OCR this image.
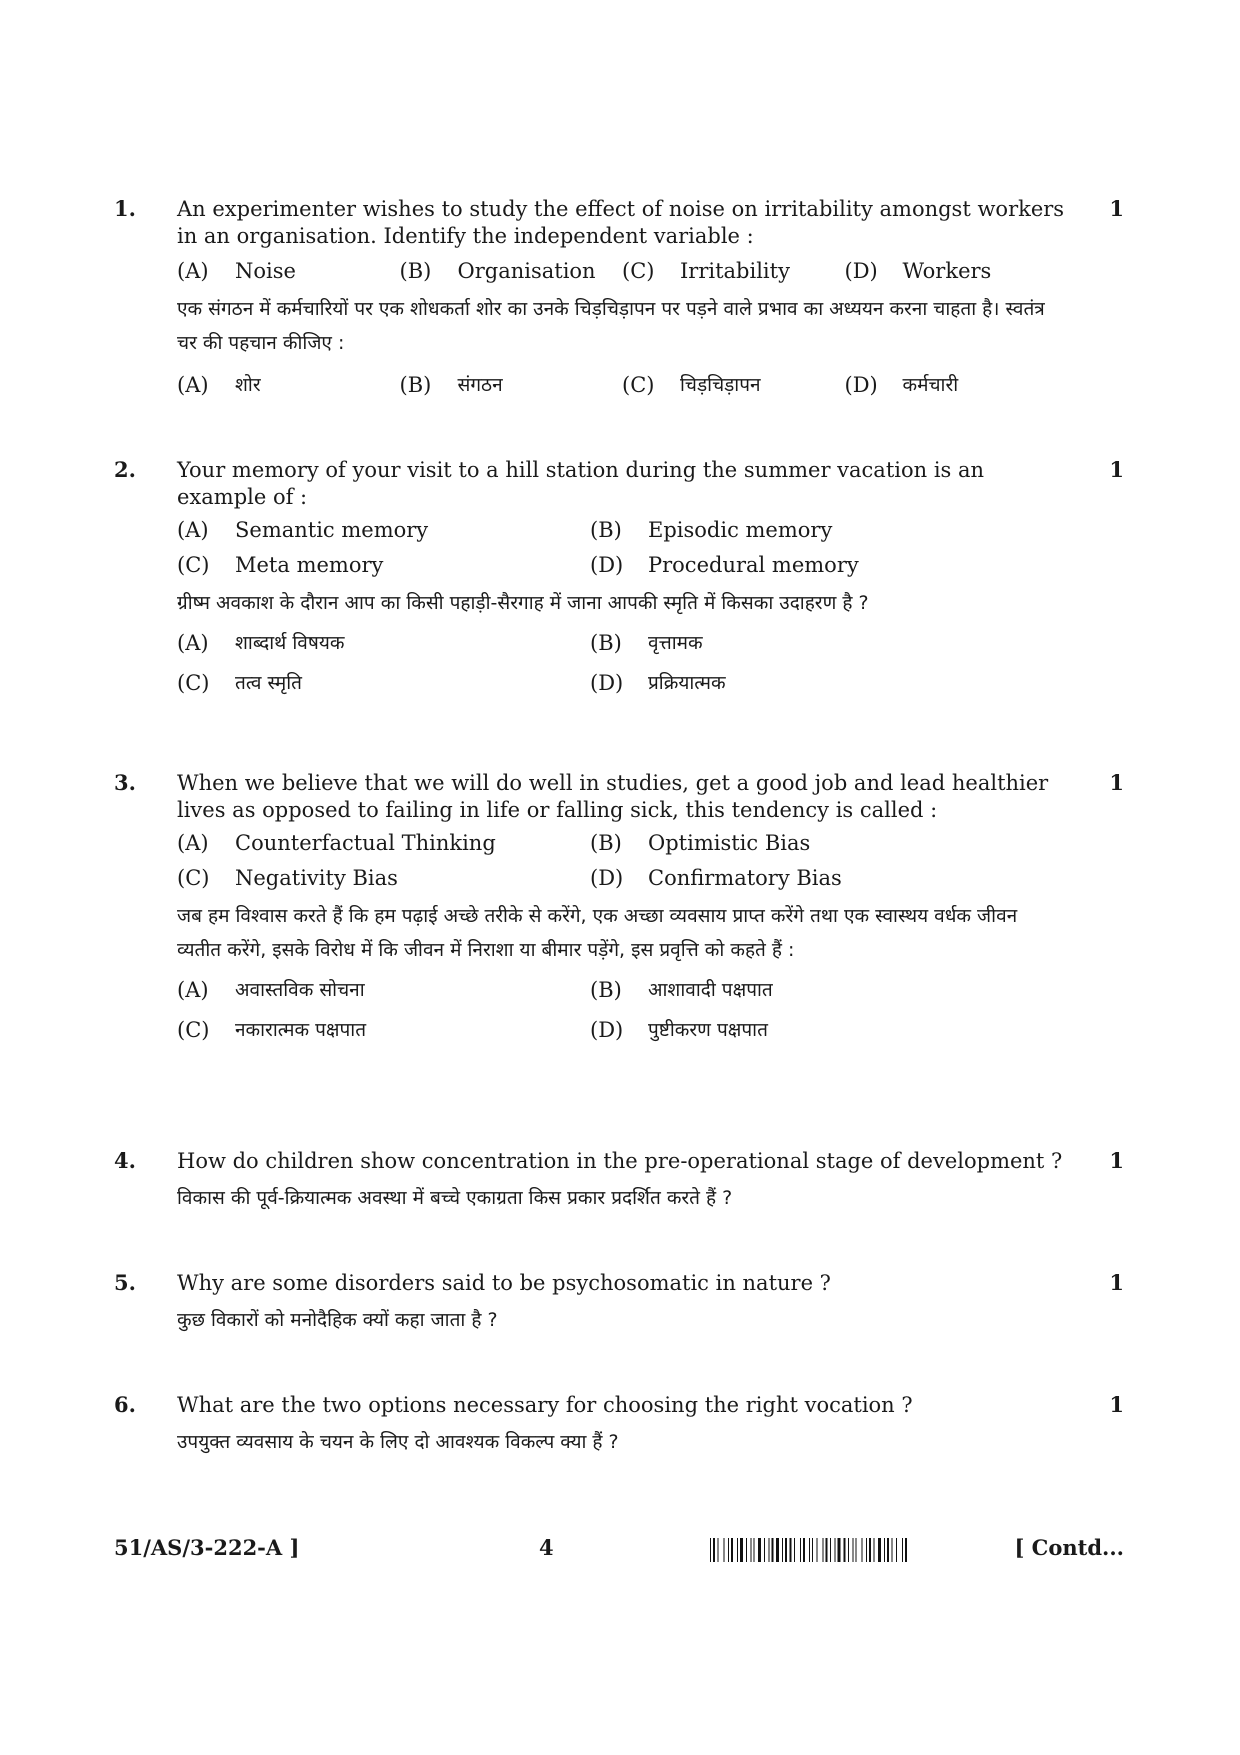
1.	1

An experimenter wishes to study the effect of noise on irritability amongst workers in an organisation. Identify the independent variable :

(A)	Noise	(B)	Organisation (C)	Irritability	(D)	Workers

एक संगठन में कर्मचारियों पर एक शोधकर्ता शोर का उनके चिड़चिड़ापन पर पड़ने वाले प्रभाव का अध्ययन करना चाहता है। स्वतंत्र चर की पहचान कीजिए :

(A)	शोर	(B)	संगठन	(C)	चिड़चिड़ापन	(D)	कर्मचारी
2.	1

Your memory of your visit to a hill station during the summer vacation is an example of :

(A)	Semantic memory	(B)	Episodic memory
(C)	Meta memory	(D)	Procedural memory

ग्रीष्म अवकाश के दौरान आप का किसी पहाड़ी-सैरगाह में जाना आपकी स्मृति में किसका उदाहरण है ?

(A)	शाब्दार्थ विषयक	(B)	वृत्तामक
(C)	तत्व स्मृति	(D)	प्रक्रियात्मक
3.	1

When we believe that we will do well in studies, get a good job and lead healthier lives as opposed to failing in life or falling sick, this tendency is called :

(A)	Counterfactual Thinking	(B)	Optimistic Bias
(C)	Negativity Bias	(D)	Confirmatory Bias

जब हम विश्वास करते हैं कि हम पढ़ाई अच्छे तरीके से करेंगे, एक अच्छा व्यवसाय प्राप्त करेंगे तथा एक स्वास्थय वर्धक जीवन व्यतीत करेंगे, इसके विरोध में कि जीवन में निराशा या बीमार पड़ेंगे, इस प्रवृत्ति को कहते हैं :

(A)	अवास्तविक सोचना	(B)	आशावादी पक्षपात
(C)	नकारात्मक पक्षपात	(D)	पुष्टीकरण पक्षपात
4.	1

How do children show concentration in the pre-operational stage of development ?

विकास की पूर्व-क्रियात्मक अवस्था में बच्चे एकाग्रता किस प्रकार प्रदर्शित करते हैं ?

5.	1

Why are some disorders said to be psychosomatic in nature ?

कुछ विकारों को मनोदैहिक क्यों कहा जाता है ?

6.	1

What are the two options necessary for choosing the right vocation ?

उपयुक्त व्यवसाय के चयन के लिए दो आवश्यक विकल्प क्या हैं ?

51/AS/3-222-A ]	4	[ Contd...
